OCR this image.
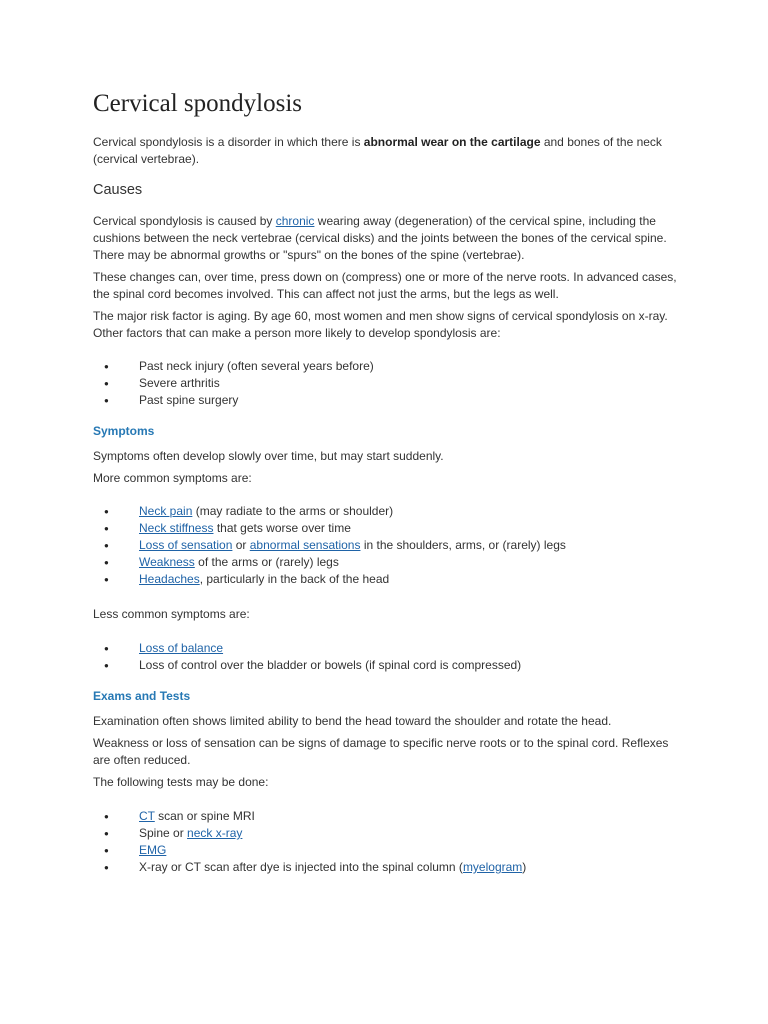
Cervical spondylosis

Cervical spondylosis is a disorder in which there is abnormal wear on the cartilage and bones of the neck (cervical vertebrae).

Causes

Cervical spondylosis is caused by chronic wearing away (degeneration) of the cervical spine, including the cushions between the neck vertebrae (cervical disks) and the joints between the bones of the cervical spine. There may be abnormal growths or "spurs" on the bones of the spine (vertebrae).

These changes can, over time, press down on (compress) one or more of the nerve roots. In advanced cases, the spinal cord becomes involved. This can affect not just the arms, but the legs as well.

The major risk factor is aging. By age 60, most women and men show signs of cervical spondylosis on x-ray. Other factors that can make a person more likely to develop spondylosis are:

●	Past neck injury (often several years before)
●	Severe arthritis
●	Past spine surgery
Symptoms

Symptoms often develop slowly over time, but may start suddenly.

More common symptoms are:

●	Neck pain (may radiate to the arms or shoulder)
●	Neck stiffness that gets worse over time
●	Loss of sensation or abnormal sensations in the shoulders, arms, or (rarely) legs
●	Weakness of the arms or (rarely) legs
●	Headaches, particularly in the back of the head

Less common symptoms are:

●	Loss of balance
●	Loss of control over the bladder or bowels (if spinal cord is compressed)
Exams and Tests

Examination often shows limited ability to bend the head toward the shoulder and rotate the head.

Weakness or loss of sensation can be signs of damage to specific nerve roots or to the spinal cord. Reflexes are often reduced.

The following tests may be done:

●	CT scan or spine MRI
●	Spine or neck x-ray
●	EMG
●	X-ray or CT scan after dye is injected into the spinal column (myelogram)
